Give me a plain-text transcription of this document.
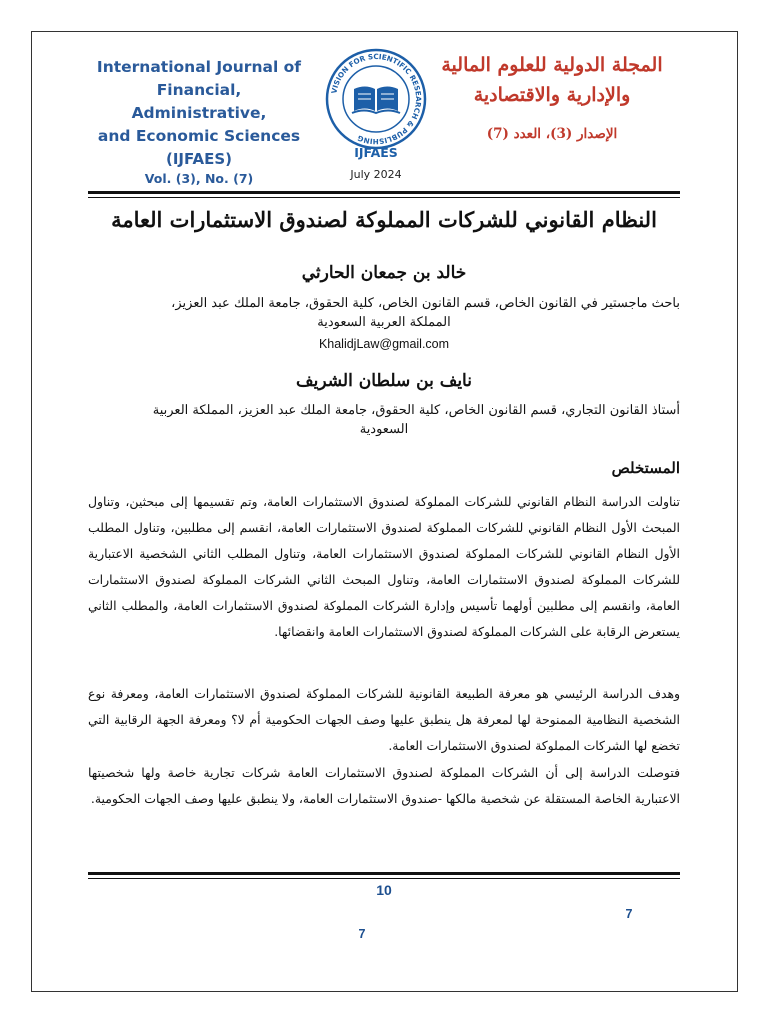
International Journal of
Financial, Administrative,
and Economic Sciences
(IJFAES)
Vol. (3), No. (7)
VISION FOR SCIENTIFIC RESEARCH & PUBLISHING
IJFAES
July 2024
المجلة الدولية للعلوم المالية
والإدارية والاقتصادية
الإصدار (3)، العدد (7)
النظام القانوني للشركات المملوكة لصندوق الاستثمارات العامة
خالد بن جمعان الحارثي
باحث ماجستير في القانون الخاص، قسم القانون الخاص، كلية الحقوق، جامعة الملك عبد العزيز،
المملكة العربية السعودية
KhalidjLaw@gmail.com
نايف بن سلطان الشريف
أستاذ القانون التجاري، قسم القانون الخاص، كلية الحقوق، جامعة الملك عبد العزيز، المملكة العربية
السعودية
المستخلص
تناولت الدراسة النظام القانوني للشركات المملوكة لصندوق الاستثمارات العامة، وتم تقسيمها إلى مبحثين، وتناول المبحث الأول النظام القانوني للشركات المملوكة لصندوق الاستثمارات العامة، انقسم إلى مطلبين، وتناول المطلب الأول النظام القانوني للشركات المملوكة لصندوق الاستثمارات العامة، وتناول المطلب الثاني الشخصية الاعتبارية للشركات المملوكة لصندوق الاستثمارات العامة، وتناول المبحث الثاني الشركات المملوكة لصندوق الاستثمارات العامة، وانقسم إلى مطلبين أولهما تأسيس وإدارة الشركات المملوكة لصندوق الاستثمارات العامة، والمطلب الثاني يستعرض الرقابة على الشركات المملوكة لصندوق الاستثمارات العامة وانقضائها.
وهدف الدراسة الرئيسي هو معرفة الطبيعة القانونية للشركات المملوكة لصندوق الاستثمارات العامة، ومعرفة نوع الشخصية النظامية الممنوحة لها لمعرفة هل ينطبق عليها وصف الجهات الحكومية أم لا؟ ومعرفة الجهة الرقابية التي تخضع لها الشركات المملوكة لصندوق الاستثمارات العامة.
فتوصلت الدراسة إلى أن الشركات المملوكة لصندوق الاستثمارات العامة شركات تجارية خاصة ولها شخصيتها الاعتبارية الخاصة المستقلة عن شخصية مالكها -صندوق الاستثمارات العامة، ولا ينطبق عليها وصف الجهات الحكومية.
10
7
7
